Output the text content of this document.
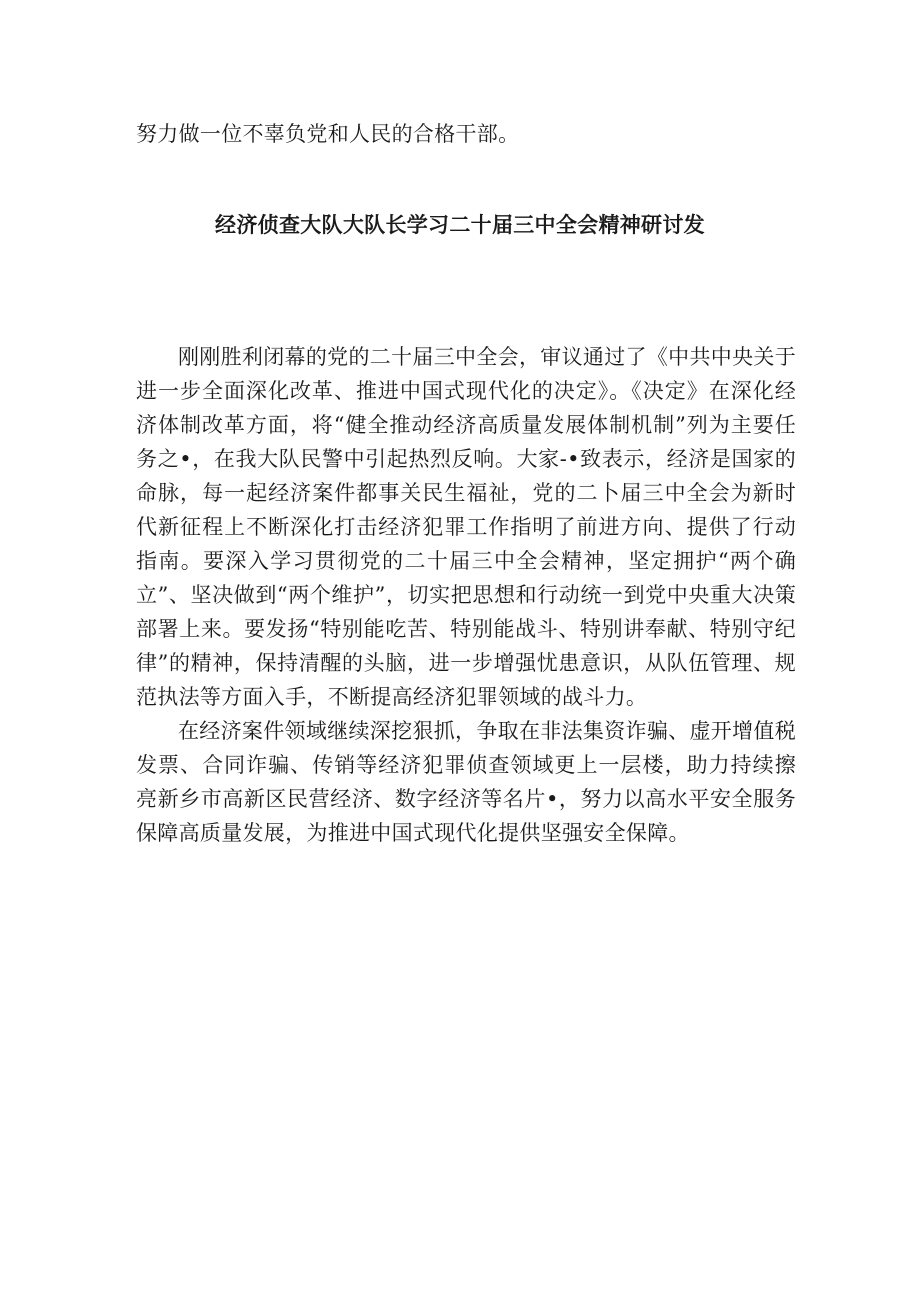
努力做一位不辜负党和人民的合格干部。
经济侦查大队大队长学习二十届三中全会精神研讨发

刚刚胜利闭幕的党的二十届三中全会，审议通过了《中共中央关于进一步全面深化改革、推进中国式现代化的决定》。《决定》在深化经济体制改革方面，将“健全推动经济高质量发展体制机制”列为主要任务之•，在我大队民警中引起热烈反响。大家-•致表示，经济是国家的命脉，每一起经济案件都事关民生福祉，党的二卜届三中全会为新时代新征程上不断深化打击经济犯罪工作指明了前进方向、提供了行动指南。要深入学习贯彻党的二十届三中全会精神，坚定拥护“两个确立”、坚决做到“两个维护”，切实把思想和行动统一到党中央重大决策部署上来。要发扬“特别能吃苦、特别能战斗、特别讲奉献、特别守纪律”的精神，保持清醒的头脑，进一步增强忧患意识，从队伍管理、规范执法等方面入手，不断提高经济犯罪领域的战斗力。

在经济案件领域继续深挖狠抓，争取在非法集资诈骗、虚开增值税发票、合同诈骗、传销等经济犯罪侦查领域更上一层楼，助力持续擦亮新乡市高新区民营经济、数字经济等名片•，努力以高水平安全服务保障高质量发展，为推进中国式现代化提供坚强安全保障。
